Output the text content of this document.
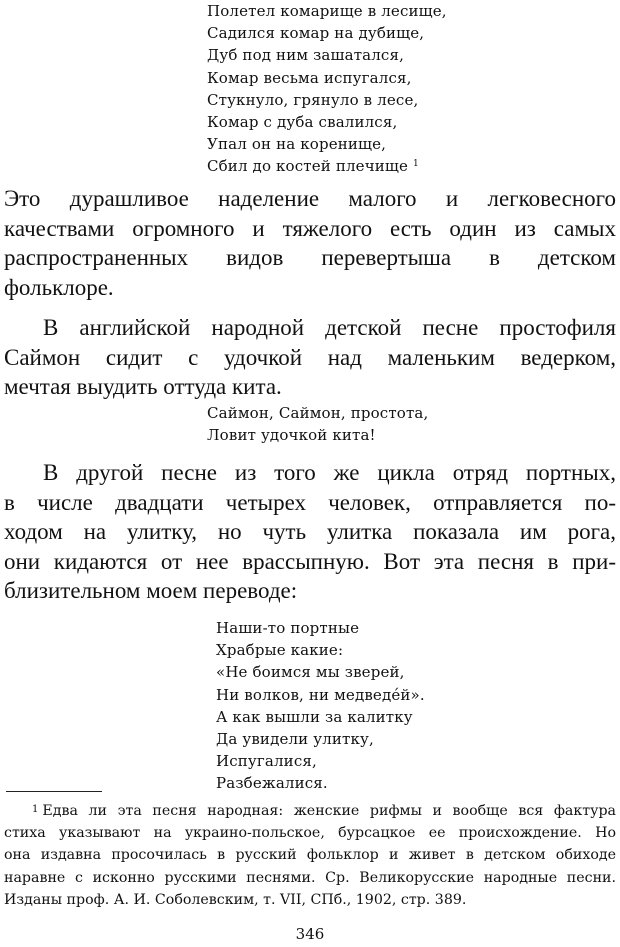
Полетел комарище в лесище,
Садился комар на дубище,
Дуб под ним зашатался,
Комар весьма испугался,
Стукнуло, грянуло в лесе,
Комар с дуба свалился,
Упал он на коренище,
Сбил до костей плечище $^1$
Это дурашливое наделение малого и легковесного
качествами огромного и тяжелого есть один из самых
распространенных видов перевертыша в детском
фольклоре.
В английской народной детской песне простофиля
Саймон сидит с удочкой над маленьким ведерком,
мечтая выудить оттуда кита.
Саймон, Саймон, простота,
Ловит удочкой кита!
В другой песне из того же цикла отряд портных,
в числе двадцати четырех человек, отправляется по-
ходом на улитку, но чуть улитка показала им рога,
они кидаются от нее врассыпную. Вот эта песня в при-
близительном моем переводе:
Наши-то портные
Храбрые какие:
«Не боимся мы зверей,
Ни волков, ни медведéй».
А как вышли за калитку
Да увидели улитку,
Испугалися,
Разбежалися.
$^1$ Едва ли эта песня народная: женские рифмы и вообще вся фактура
стиха указывают на украино-польское, бурсацкое ее происхождение. Но
она издавна просочилась в русский фольклор и живет в детском обиходе
наравне с исконно русскими песнями. Ср. Великорусские народные песни.
Изданы проф. А. И. Соболевским, т. VII, СПб., 1902, стр. 389.
346
